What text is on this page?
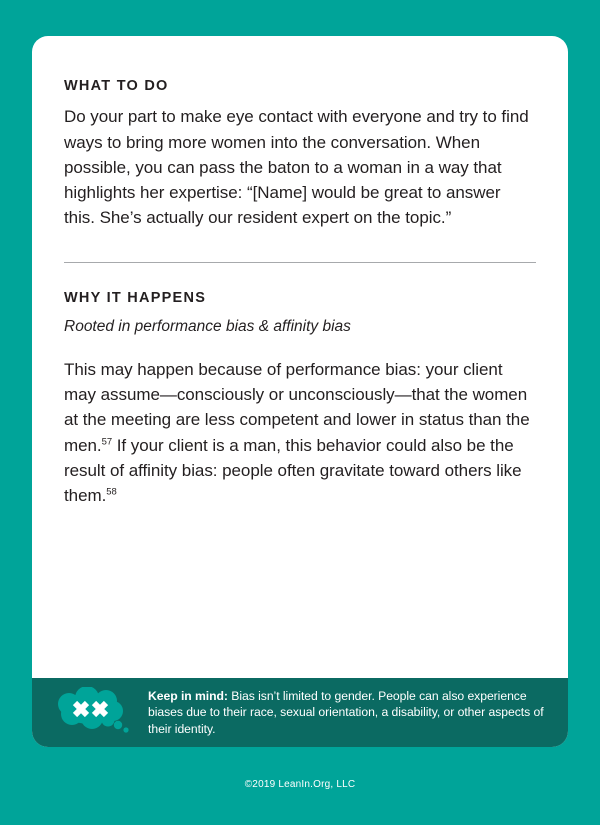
WHAT TO DO

Do your part to make eye contact with everyone and try to find ways to bring more women into the conversation. When possible, you can pass the baton to a woman in a way that highlights her expertise: “[Name] would be great to answer this. She’s actually our resident expert on the topic.”

WHY IT HAPPENS

Rooted in performance bias & affinity bias

This may happen because of performance bias: your client may assume—consciously or unconsciously—that the women at the meeting are less competent and lower in status than the men.$^{57}$ If your client is a man, this behavior could also be the result of affinity bias: people often gravitate toward others like them.$^{58}$

Keep in mind: Bias isn’t limited to gender. People can also experience biases due to their race, sexual orientation, a disability, or other aspects of their identity.
©2019 LeanIn.Org, LLC
